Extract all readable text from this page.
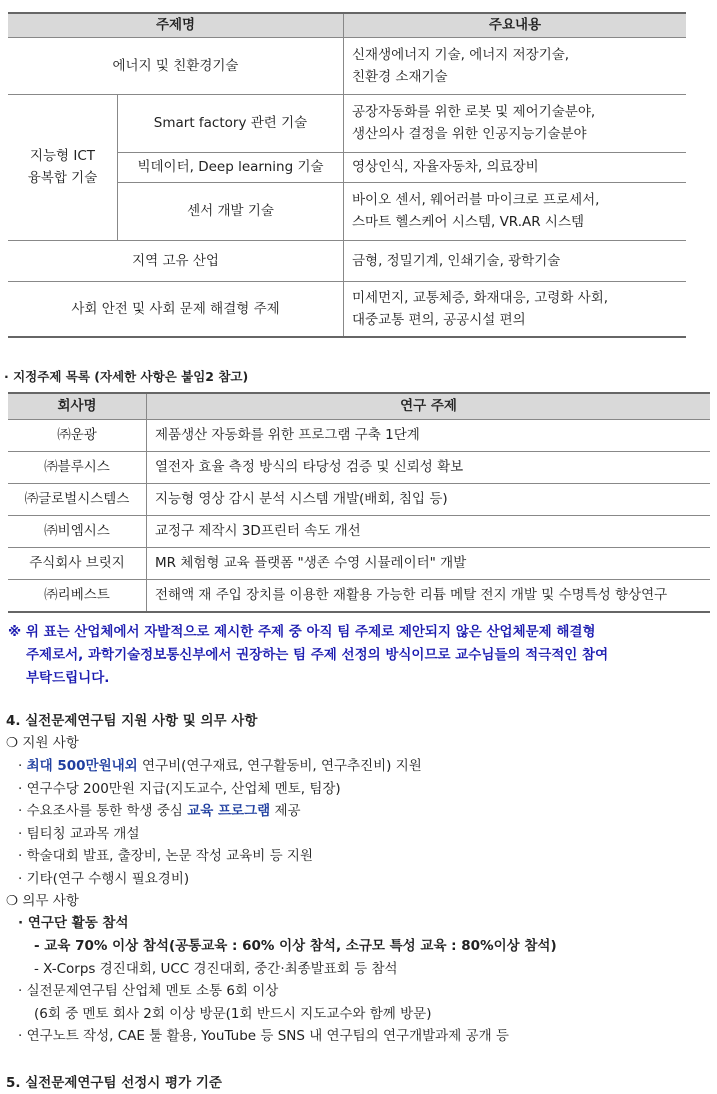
주제명		주요내용
에너지 및 친환경기술		신재생에너지 기술, 에너지 저장기술,
친환경 소재기술
지능형 ICT
융복합 기술	Smart factory 관련 기술	공장자동화를 위한 로봇 및 제어기술분야,
생산의사 결정을 위한 인공지능기술분야
	빅데이터, Deep learning 기술	영상인식, 자율자동차, 의료장비
	센서 개발 기술	바이오 센서, 웨어러블 마이크로 프로세서,
스마트 헬스케어 시스템, VR.AR 시스템
지역 고유 산업		금형, 정밀기계, 인쇄기술, 광학기술
사회 안전 및 사회 문제 해결형 주제		미세먼지, 교통체증, 화재대응, 고령화 사회,
대중교통 편의, 공공시설 편의
· 지정주제 목록 (자세한 사항은 붙임2 참고)
회사명	연구 주제
㈜운광	제품생산 자동화를 위한 프로그램 구축 1단계
㈜블루시스	열전자 효율 측정 방식의 타당성 검증 및 신뢰성 확보
㈜글로벌시스템스	지능형 영상 감시 분석 시스템 개발(배회, 침입 등)
㈜비엠시스	교정구 제작시 3D프린터 속도 개선
주식회사 브릿지	MR 체험형 교육 플랫폼 "생존 수영 시뮬레이터" 개발
㈜리베스트	전해액 재 주입 장치를 이용한 재활용 가능한 리튬 메탈 전지 개발 및 수명특성 향상연구
※ 위 표는 산업체에서 자발적으로 제시한 주제 중 아직 팀 주제로 제안되지 않은 산업체문제 해결형
주제로서, 과학기술정보통신부에서 권장하는 팀 주제 선정의 방식이므로 교수님들의 적극적인 참여
부탁드립니다.
4. 실전문제연구팀 지원 사항 및 의무 사항
❍ 지원 사항
· 최대 500만원내외 연구비(연구재료, 연구활동비, 연구추진비) 지원
· 연구수당 200만원 지급(지도교수, 산업체 멘토, 팀장)
· 수요조사를 통한 학생 중심 교육 프로그램 제공
· 팀티칭 교과목 개설
· 학술대회 발표, 출장비, 논문 작성 교육비 등 지원
· 기타(연구 수행시 필요경비)
❍ 의무 사항
· 연구단 활동 참석
- 교육 70% 이상 참석(공통교육 : 60% 이상 참석, 소규모 특성 교육 : 80%이상 참석)
- X-Corps 경진대회, UCC 경진대회, 중간·최종발표회 등 참석
· 실전문제연구팀 산업체 멘토 소통 6회 이상
(6회 중 멘토 회사 2회 이상 방문(1회 반드시 지도교수와 함께 방문)
· 연구노트 작성, CAE 툴 활용, YouTube 등 SNS 내 연구팀의 연구개발과제 공개 등
5. 실전문제연구팀 선정시 평가 기준
